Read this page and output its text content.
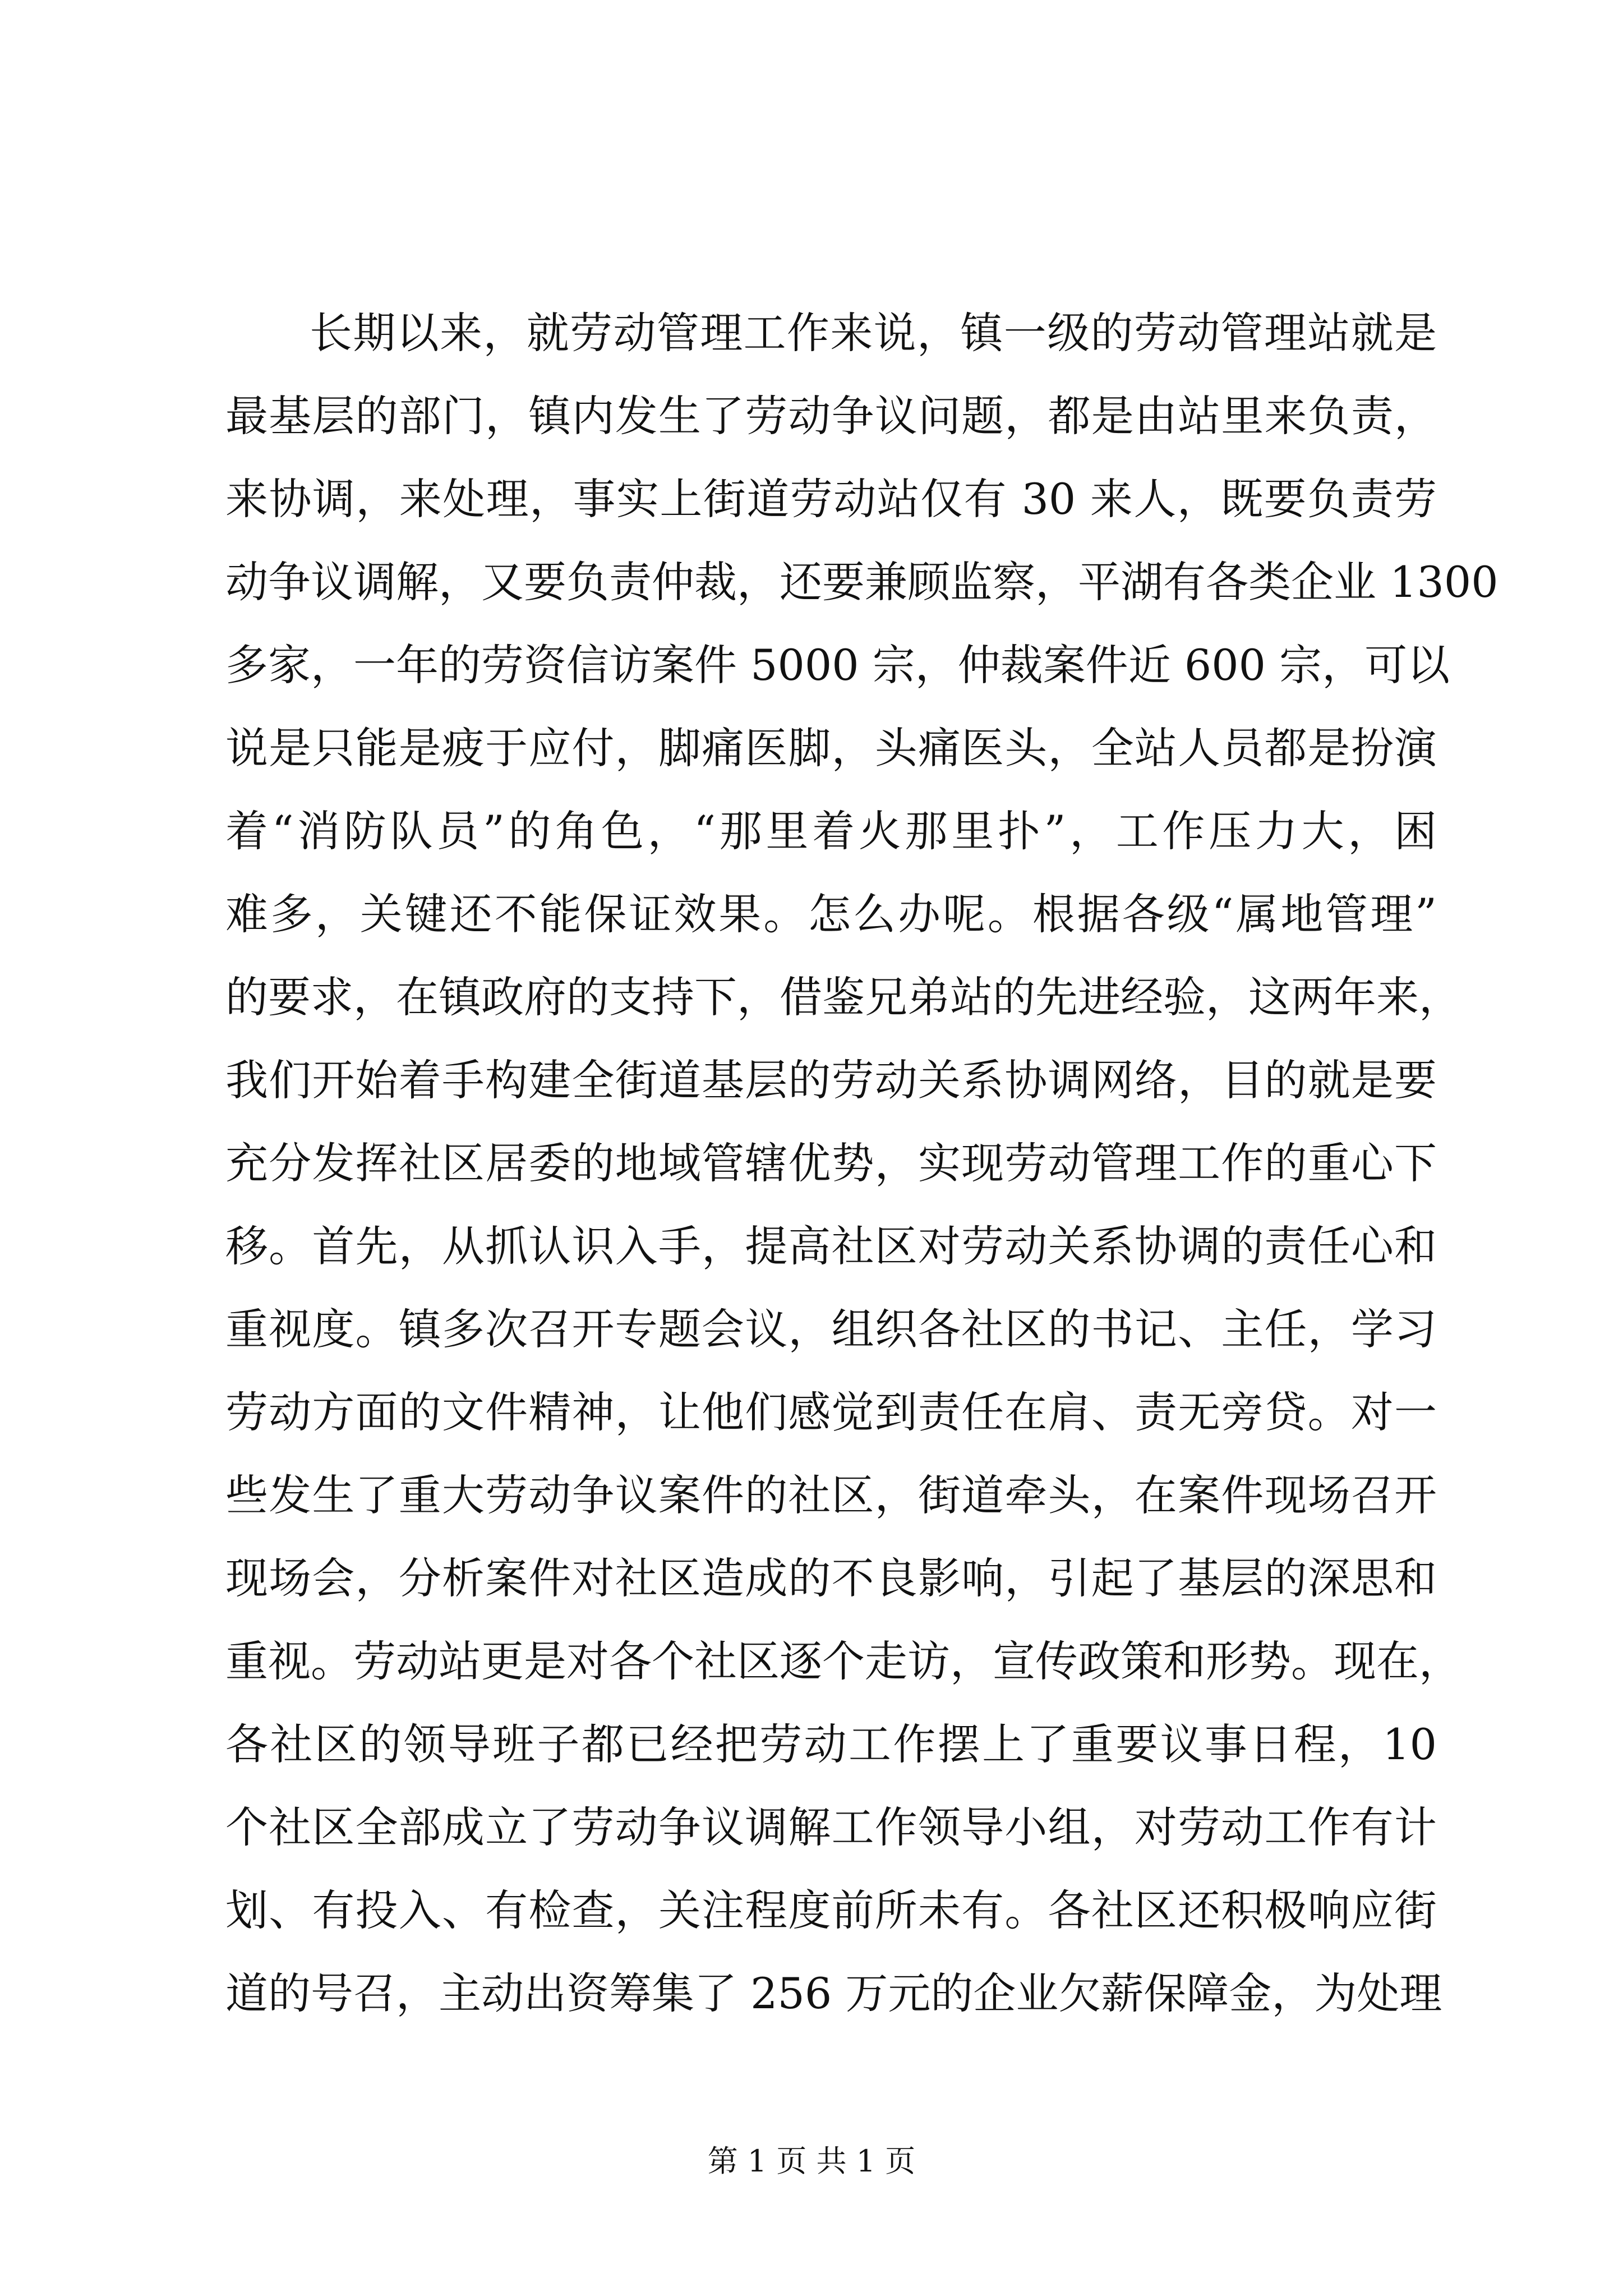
长期以来，就劳动管理工作来说，镇一级的劳动管理站就是
最基层的部门，镇内发生了劳动争议问题，都是由站里来负责，
来协调，来处理，事实上街道劳动站仅有 30 来人，既要负责劳
动争议调解，又要负责仲裁，还要兼顾监察，平湖有各类企业 1300
多家，一年的劳资信访案件 5000 宗，仲裁案件近 600 宗，可以
说是只能是疲于应付，脚痛医脚，头痛医头，全站人员都是扮演
着“消防队员”的角色，“那里着火那里扑”，工作压力大，困
难多，关键还不能保证效果。怎么办呢。根据各级“属地管理”
的要求，在镇政府的支持下，借鉴兄弟站的先进经验，这两年来，
我们开始着手构建全街道基层的劳动关系协调网络，目的就是要
充分发挥社区居委的地域管辖优势，实现劳动管理工作的重心下
移。首先，从抓认识入手，提高社区对劳动关系协调的责任心和
重视度。镇多次召开专题会议，组织各社区的书记、主任，学习
劳动方面的文件精神，让他们感觉到责任在肩、责无旁贷。对一
些发生了重大劳动争议案件的社区，街道牵头，在案件现场召开
现场会，分析案件对社区造成的不良影响，引起了基层的深思和
重视。劳动站更是对各个社区逐个走访，宣传政策和形势。现在，
各社区的领导班子都已经把劳动工作摆上了重要议事日程，10
个社区全部成立了劳动争议调解工作领导小组，对劳动工作有计
划、有投入、有检查，关注程度前所未有。各社区还积极响应街
道的号召，主动出资筹集了 256 万元的企业欠薪保障金，为处理
第 1 页 共 1 页
